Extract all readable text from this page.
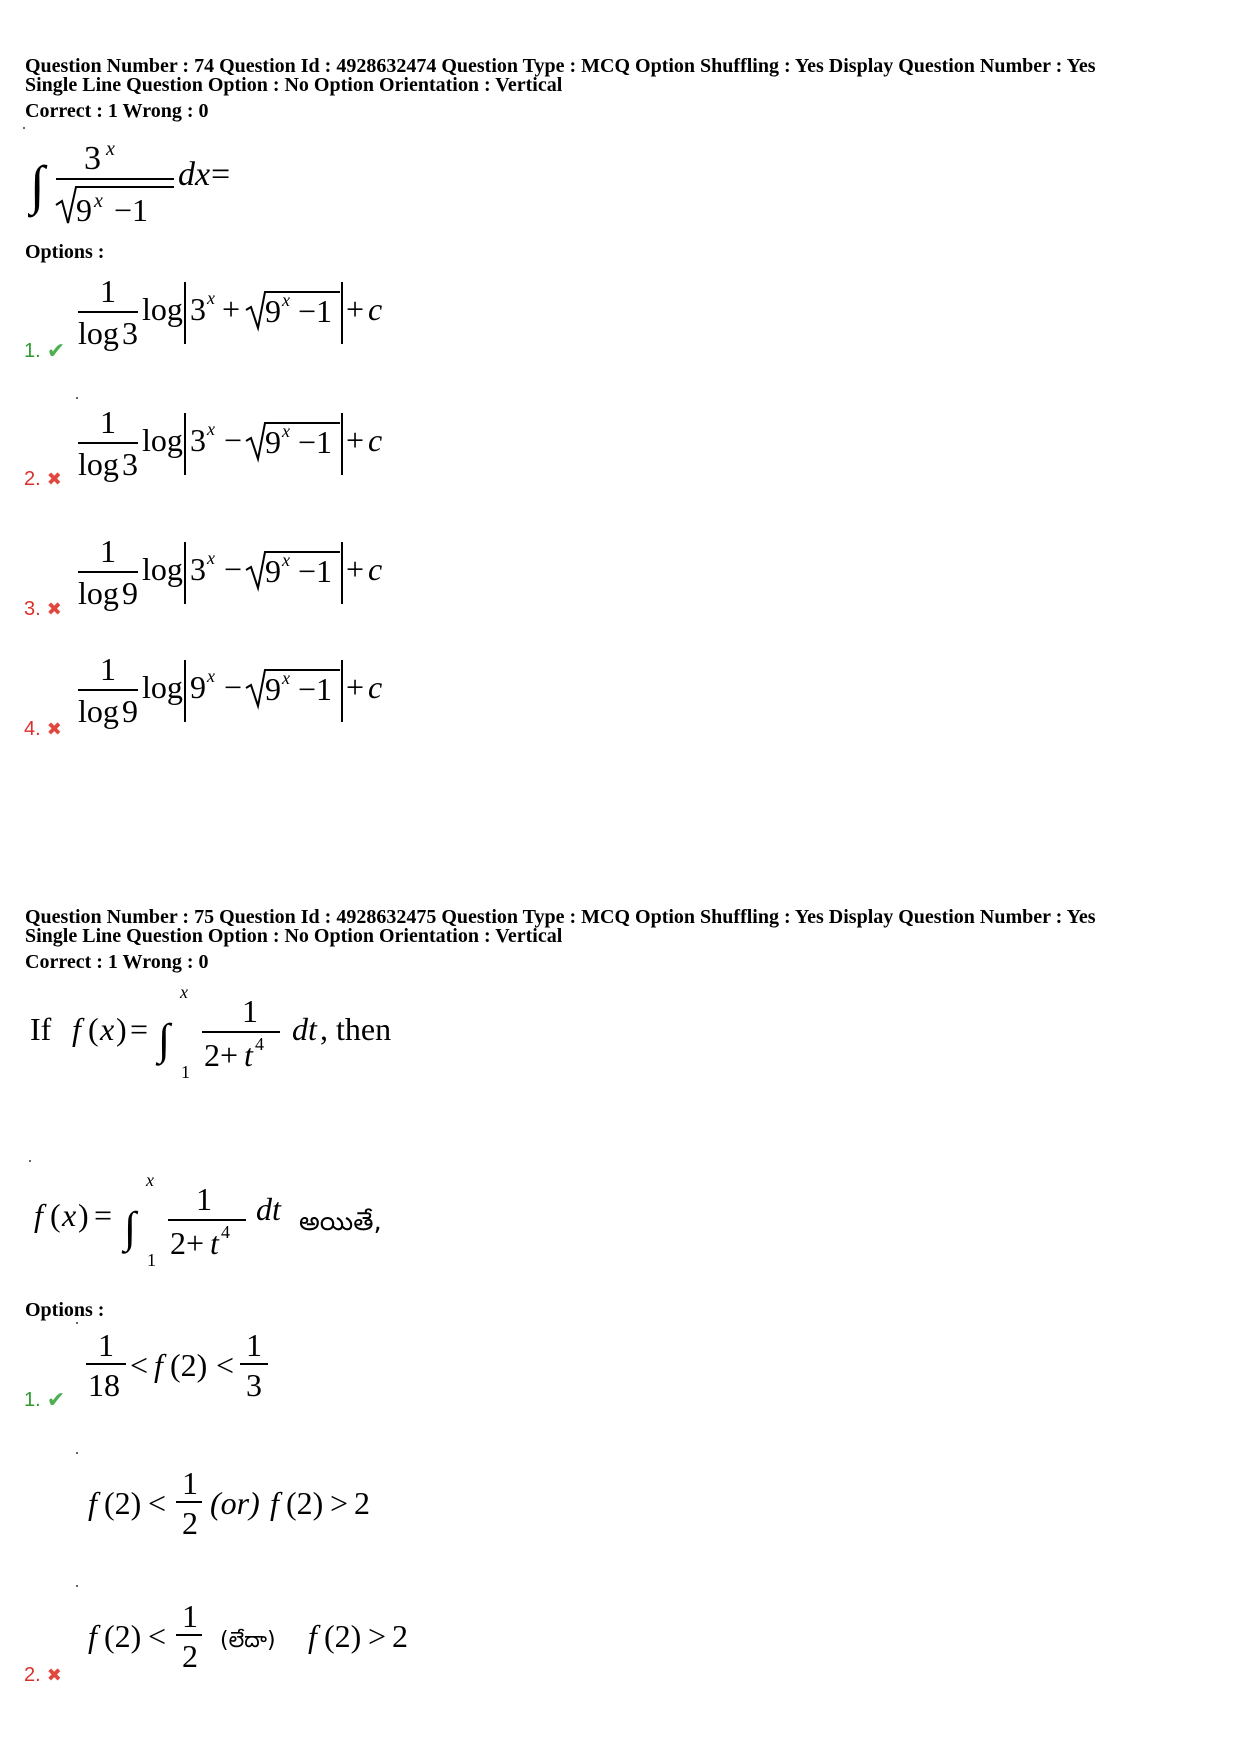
Question Number : 74 Question Id : 4928632474 Question Type : MCQ Option Shuffling : Yes Display Question Number : Yes
Single Line Question Option : No Option Orientation : Vertical
Correct : 1 Wrong : 0
∫ 3 x
9 x −1
dx =
Options :
1
log 3
log 3 x + 9 x −1 + c
1. ✔
1
log 3
log 3 x − 9 x −1 + c
2. ✖
1
log 9
log 3 x − 9 x −1 + c
3. ✖
1
log 9
log 9 x − 9 x −1 + c
4. ✖
Question Number : 75 Question Id : 4928632475 Question Type : MCQ Option Shuffling : Yes Display Question Number : Yes
Single Line Question Option : No Option Orientation : Vertical
Correct : 1 Wrong : 0
If f ( x ) = ∫
x
1
1
2+ t 4 dt , then
f ( x ) = ∫
x
1
1
2+ t 4
dt అయితే,
Options :
1
18
< f (2) <
1
3
1. ✔
f (2) <
1
2
(or) f (2) > 2
f (2) <
1
2 (లేదా) f (2) > 2
2. ✖
